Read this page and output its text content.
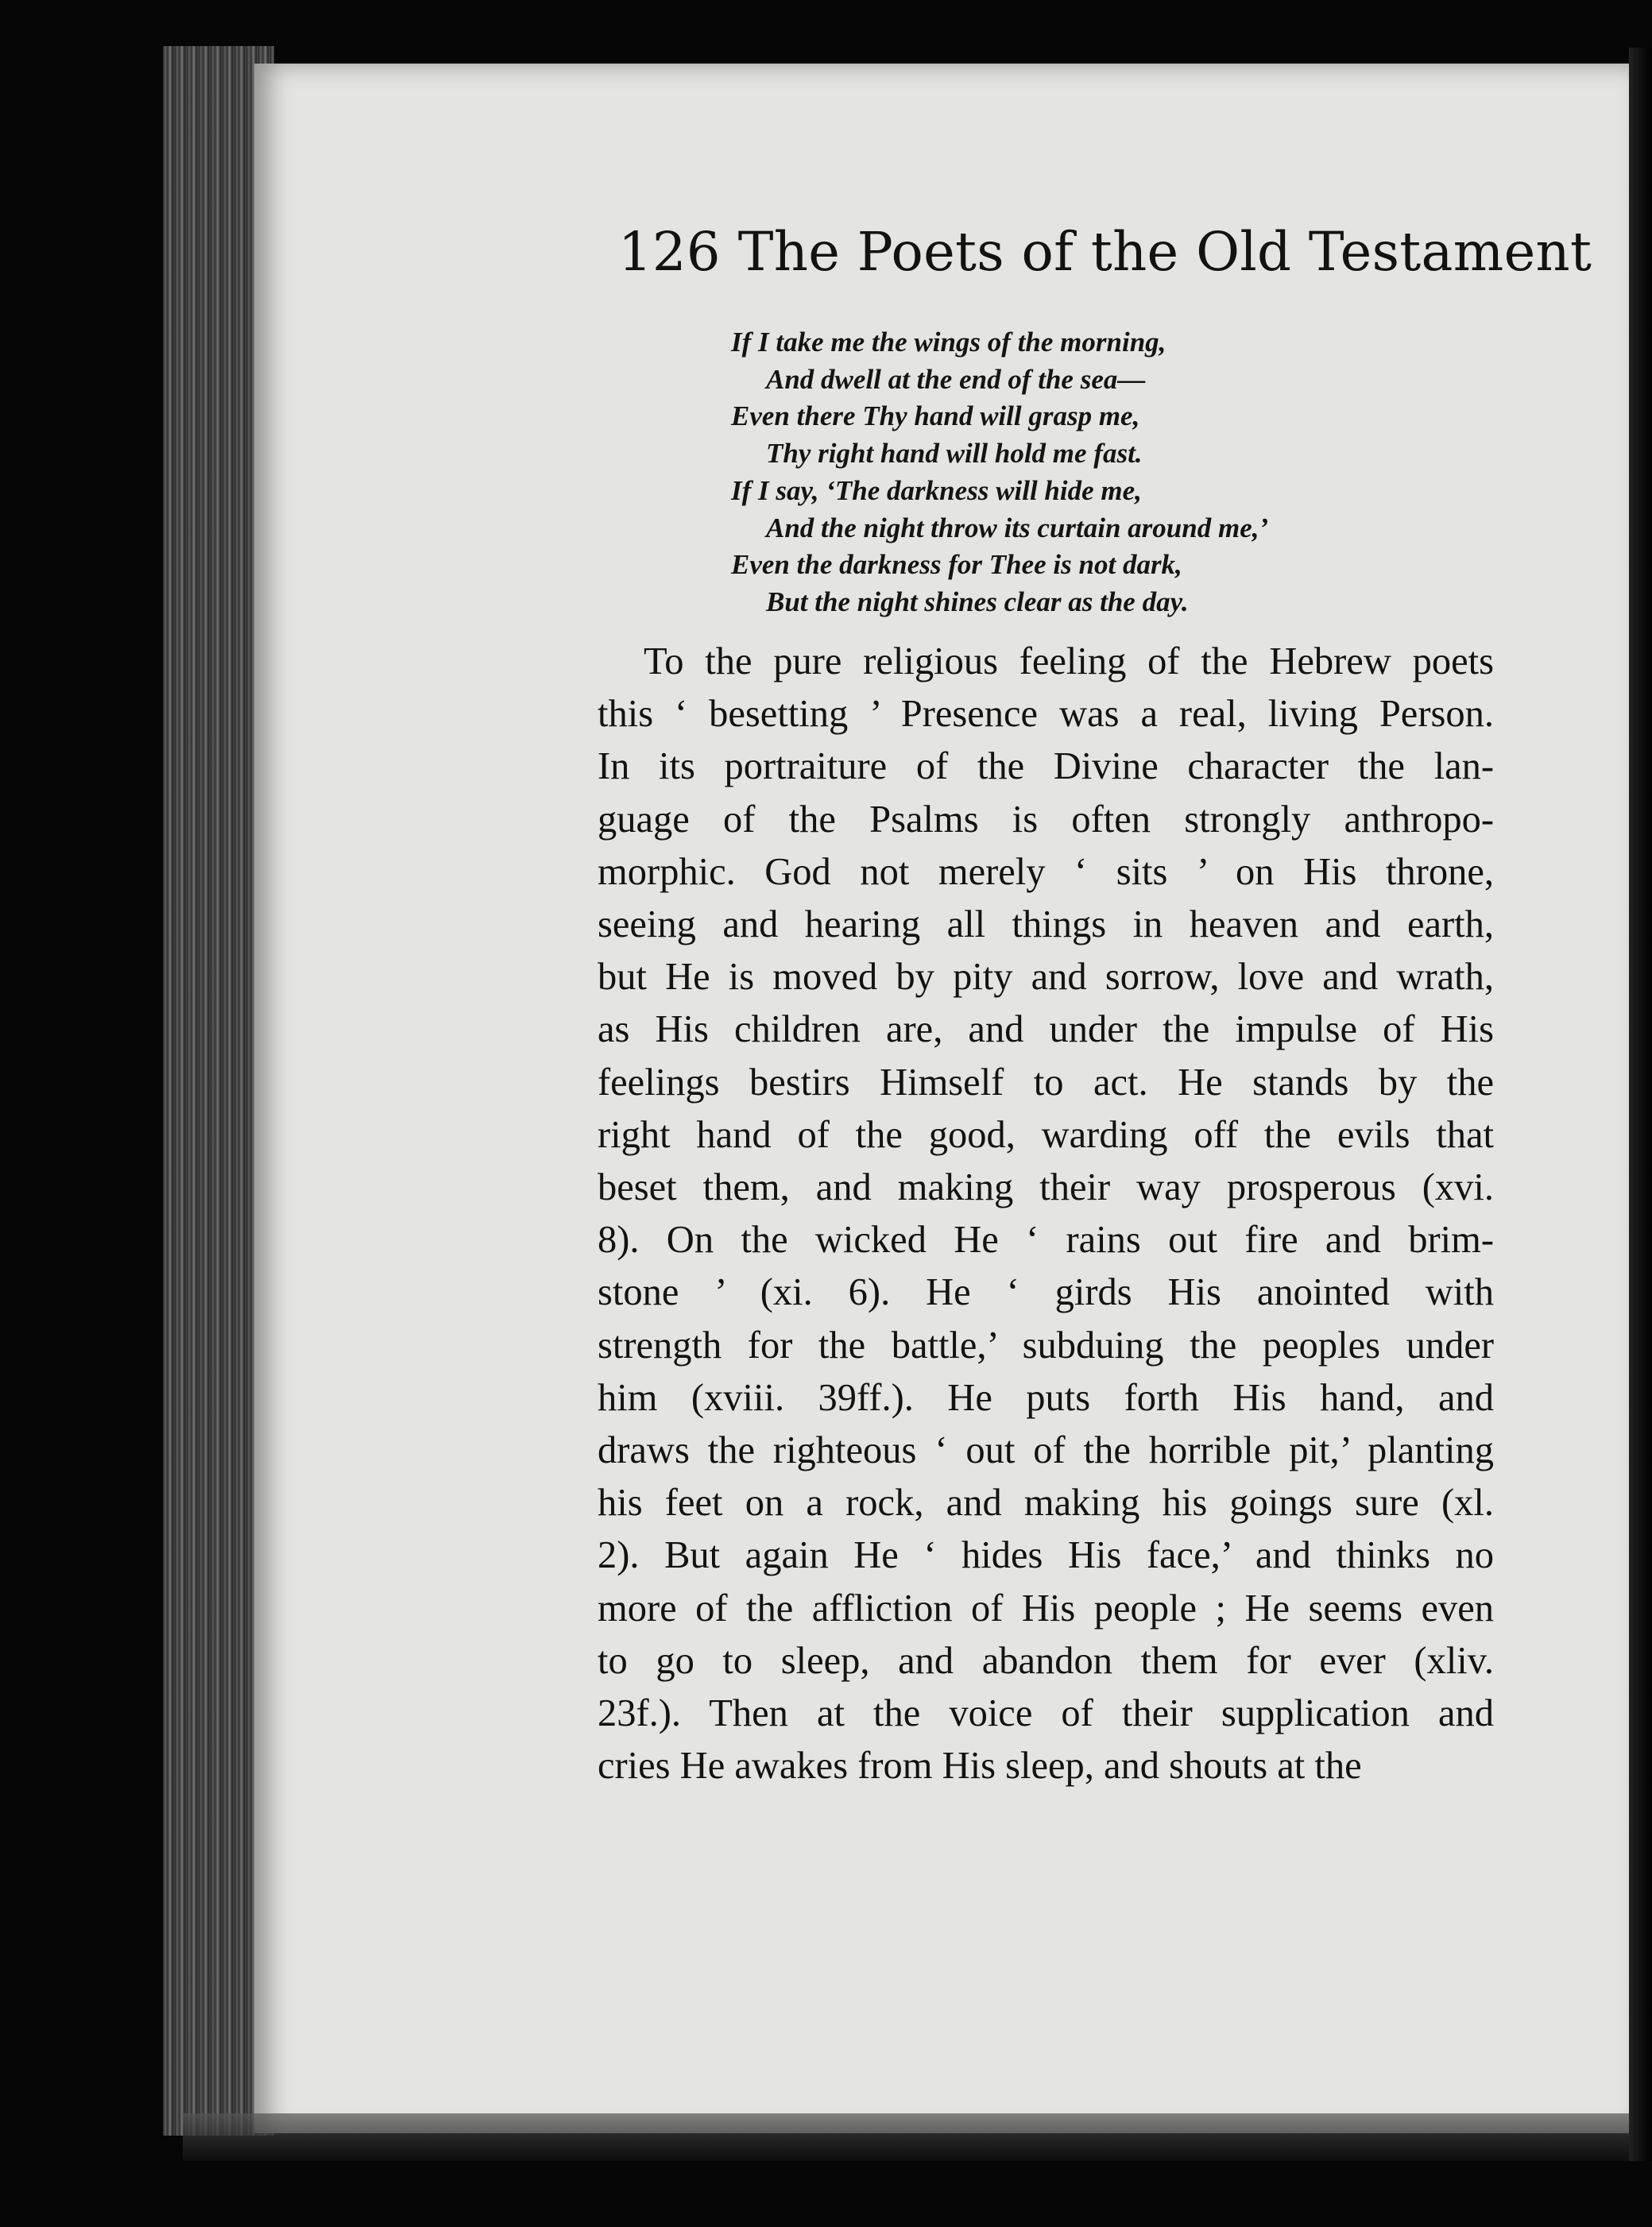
126 The Poets of the Old Testament
If I take me the wings of the morning,
And dwell at the end of the sea—
Even there Thy hand will grasp me,
Thy right hand will hold me fast.
If I say, ‘The darkness will hide me,
And the night throw its curtain around me,’
Even the darkness for Thee is not dark,
But the night shines clear as the day.
To the pure religious feeling of the Hebrew poets
this ‘ besetting ’ Presence was a real, living Person.
In its portraiture of the Divine character the lan-
guage of the Psalms is often strongly anthropo-
morphic. God not merely ‘ sits ’ on His throne,
seeing and hearing all things in heaven and earth,
but He is moved by pity and sorrow, love and wrath,
as His children are, and under the impulse of His
feelings bestirs Himself to act. He stands by the
right hand of the good, warding off the evils that
beset them, and making their way prosperous (xvi.
8). On the wicked He ‘ rains out fire and brim-
stone ’ (xi. 6). He ‘ girds His anointed with
strength for the battle,’ subduing the peoples under
him (xviii. 39ff.). He puts forth His hand, and
draws the righteous ‘ out of the horrible pit,’ planting
his feet on a rock, and making his goings sure (xl.
2). But again He ‘ hides His face,’ and thinks no
more of the affliction of His people ; He seems even
to go to sleep, and abandon them for ever (xliv.
23f.). Then at the voice of their supplication and
cries He awakes from His sleep, and shouts at the
